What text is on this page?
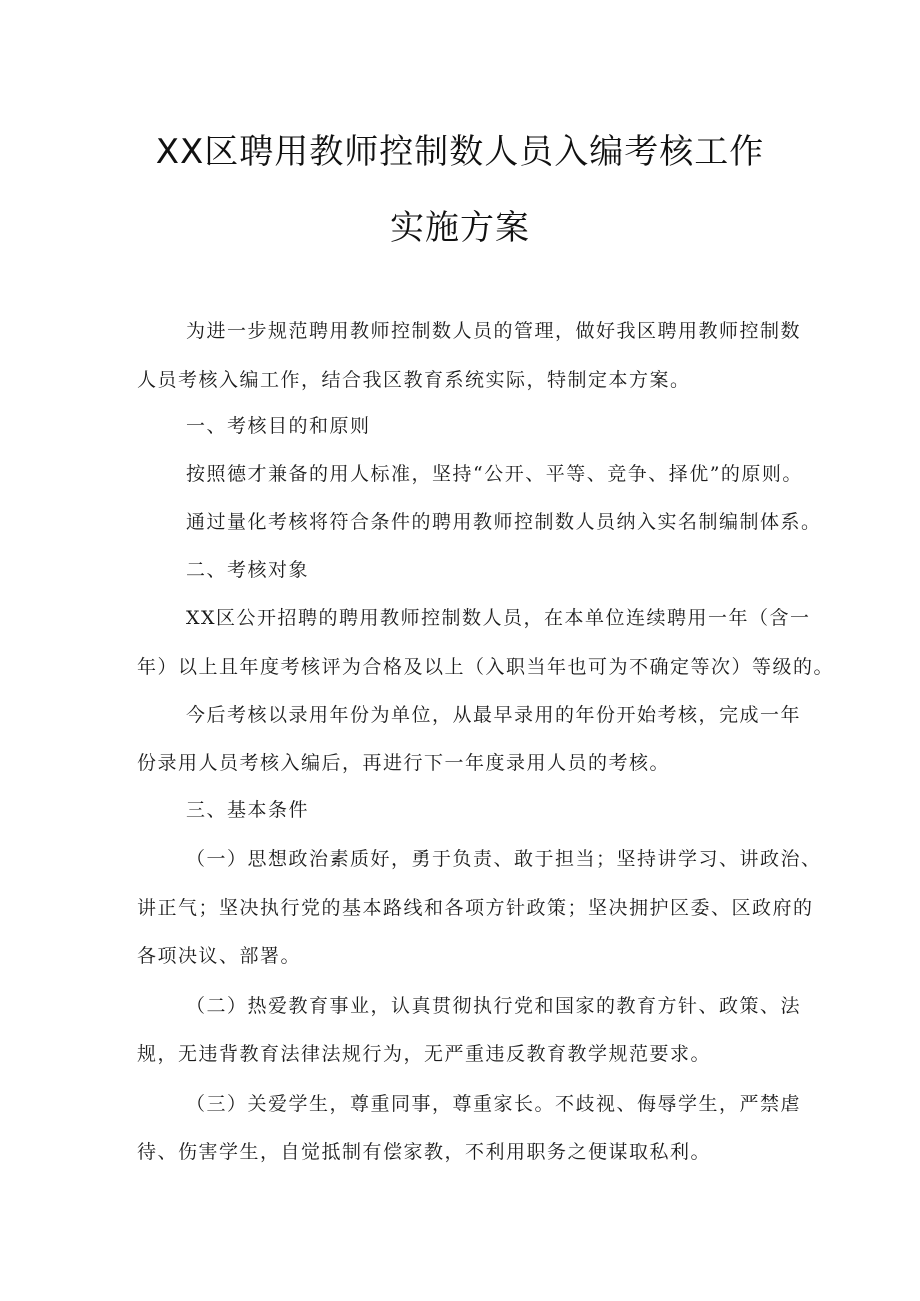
XX区聘用教师控制数人员入编考核工作
实施方案
为进一步规范聘用教师控制数人员的管理，做好我区聘用教师控制数
人员考核入编工作，结合我区教育系统实际，特制定本方案。
一、考核目的和原则
按照德才兼备的用人标准，坚持“公开、平等、竞争、择优”的原则。
通过量化考核将符合条件的聘用教师控制数人员纳入实名制编制体系。
二、考核对象
XX区公开招聘的聘用教师控制数人员，在本单位连续聘用一年（含一
年）以上且年度考核评为合格及以上（入职当年也可为不确定等次）等级的。
今后考核以录用年份为单位，从最早录用的年份开始考核，完成一年
份录用人员考核入编后，再进行下一年度录用人员的考核。
三、基本条件
（一）思想政治素质好，勇于负责、敢于担当；坚持讲学习、讲政治、
讲正气；坚决执行党的基本路线和各项方针政策；坚决拥护区委、区政府的
各项决议、部署。
（二）热爱教育事业，认真贯彻执行党和国家的教育方针、政策、法
规，无违背教育法律法规行为，无严重违反教育教学规范要求。
（三）关爱学生，尊重同事，尊重家长。不歧视、侮辱学生，严禁虐
待、伤害学生，自觉抵制有偿家教，不利用职务之便谋取私利。
